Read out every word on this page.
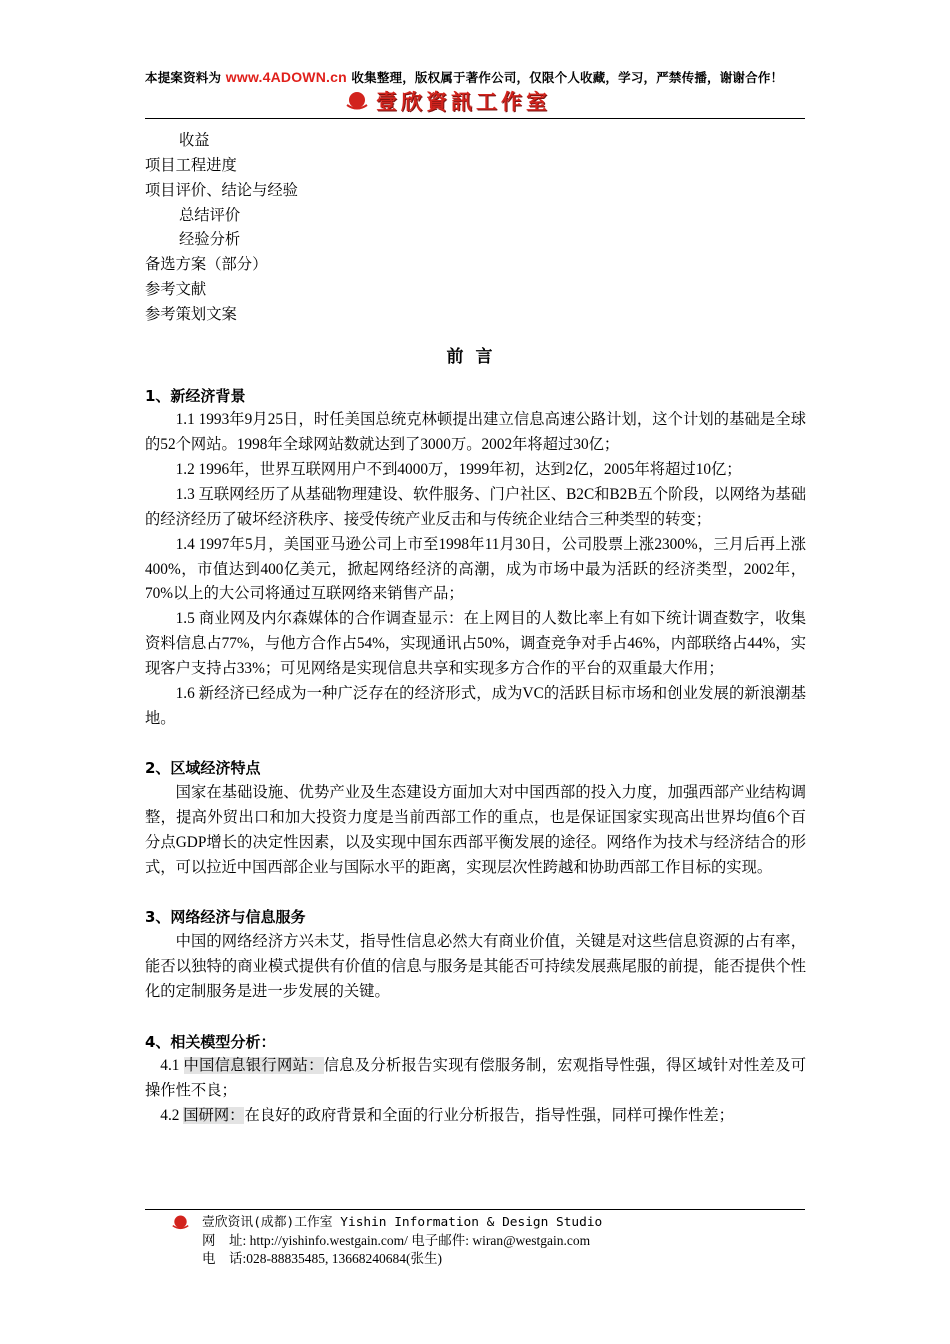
本提案资料为 www.4ADOWN.cn 收集整理，版权属于著作公司，仅限个人收藏，学习，严禁传播，谢谢合作！
壹欣資訊工作室
收益
项目工程进度
项目评价、结论与经验
总结评价
经验分析
备选方案（部分）
参考文献
参考策划文案
前言
1、新经济背景
1.1 1993年9月25日，时任美国总统克林顿提出建立信息高速公路计划，这个计划的基础是全球的52个网站。1998年全球网站数就达到了3000万。2002年将超过30亿；
1.2 1996年，世界互联网用户不到4000万，1999年初，达到2亿，2005年将超过10亿；
1.3 互联网经历了从基础物理建设、软件服务、门户社区、B2C和B2B五个阶段，以网络为基础的经济经历了破坏经济秩序、接受传统产业反击和与传统企业结合三种类型的转变；
1.4 1997年5月，美国亚马逊公司上市至1998年11月30日，公司股票上涨2300%，三月后再上涨400%，市值达到400亿美元，掀起网络经济的高潮，成为市场中最为活跃的经济类型，2002年，70%以上的大公司将通过互联网络来销售产品；
1.5 商业网及内尔森媒体的合作调查显示：在上网目的人数比率上有如下统计调查数字，收集资料信息占77%，与他方合作占54%，实现通讯占50%，调查竞争对手占46%，内部联络占44%，实现客户支持占33%；可见网络是实现信息共享和实现多方合作的平台的双重最大作用；
1.6 新经济已经成为一种广泛存在的经济形式，成为VC的活跃目标市场和创业发展的新浪潮基地。
2、区域经济特点
国家在基础设施、优势产业及生态建设方面加大对中国西部的投入力度，加强西部产业结构调整，提高外贸出口和加大投资力度是当前西部工作的重点，也是保证国家实现高出世界均值6个百分点GDP增长的决定性因素，以及实现中国东西部平衡发展的途径。网络作为技术与经济结合的形式，可以拉近中国西部企业与国际水平的距离，实现层次性跨越和协助西部工作目标的实现。
3、网络经济与信息服务
中国的网络经济方兴未艾，指导性信息必然大有商业价值，关键是对这些信息资源的占有率，能否以独特的商业模式提供有价值的信息与服务是其能否可持续发展燕尾服的前提，能否提供个性化的定制服务是进一步发展的关键。
4、相关模型分析：
4.1 中国信息银行网站：信息及分析报告实现有偿服务制，宏观指导性强，得区域针对性差及可操作性不良；
4.2 国研网：在良好的政府背景和全面的行业分析报告，指导性强，同样可操作性差；
壹欣资讯(成都)工作室 Yishin Information & Design Studio
网　址: http://yishinfo.westgain.com/ 电子邮件: wiran@westgain.com
电　话:028-88835485, 13668240684(张生)
